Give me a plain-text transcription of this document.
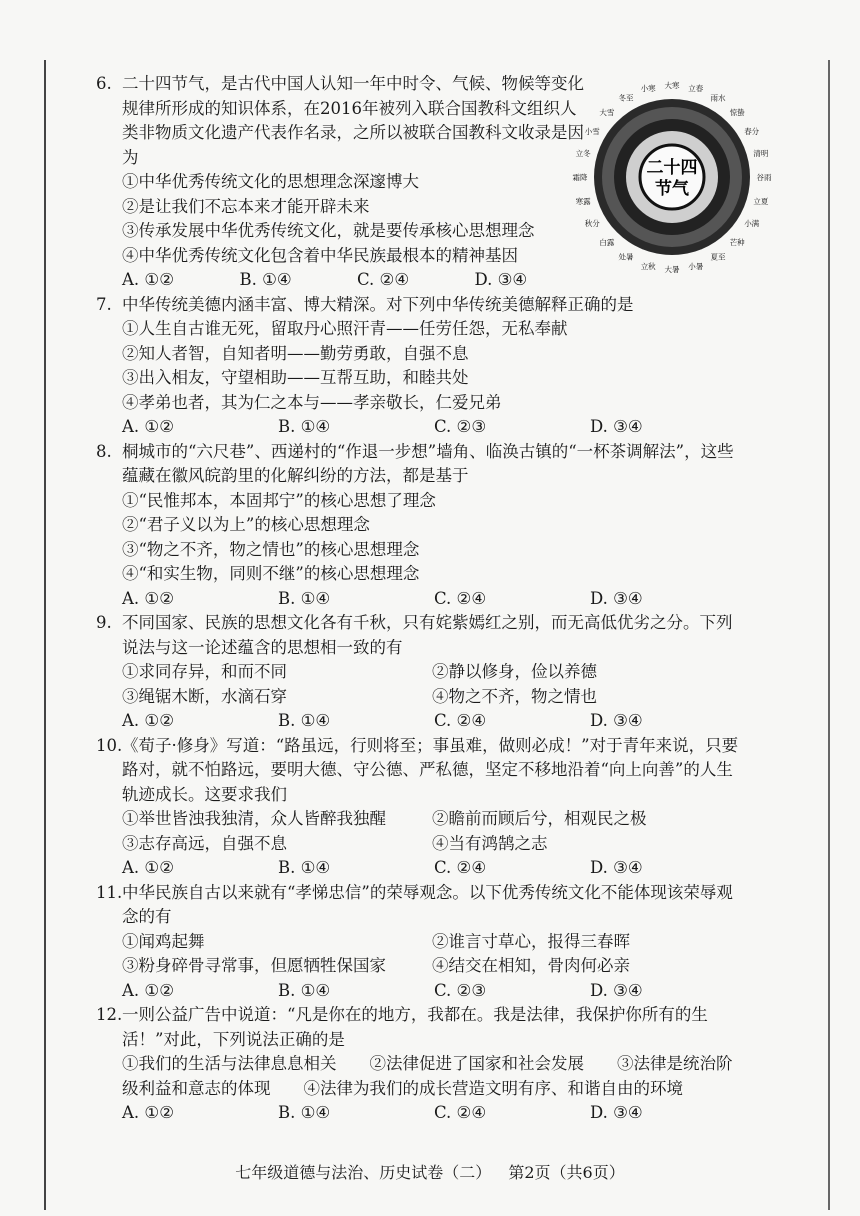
立春
雨水
惊蛰
春分
清明
谷雨
立夏
小满
芒种
夏至
小暑
大暑
立秋
处暑
白露
秋分
寒露
霜降
立冬
小雪
大雪
冬至
小寒 大寒
二十四
节气
6. 二十四节气，是古代中国人认知一年中时令、气候、物候等变化规律所形成的知识体系，在2016年被列入联合国教科文组织人类非物质文化遗产代表作名录，之所以被联合国教科文收录是因为
①中华优秀传统文化的思想理念深邃博大
②是让我们不忘本来才能开辟未来
③传承发展中华优秀传统文化，就是要传承核心思想理念
④中华优秀传统文化包含着中华民族最根本的精神基因
A. ①②	B. ①④	C. ②④	D. ③④
7. 中华传统美德内涵丰富、博大精深。对下列中华传统美德解释正确的是
①人生自古谁无死，留取丹心照汗青——任劳任怨，无私奉献
②知人者智，自知者明——勤劳勇敢，自强不息
③出入相友，守望相助——互帮互助，和睦共处
④孝弟也者，其为仁之本与——孝亲敬长，仁爱兄弟
A. ①②	B. ①④	C. ②③	D. ③④
8. 桐城市的“六尺巷”、西递村的“作退一步想”墙角、临涣古镇的“一杯茶调解法”，这些蕴藏在徽风皖韵里的化解纠纷的方法，都是基于
①“民惟邦本，本固邦宁”的核心思想了理念
②“君子义以为上”的核心思想理念
③“物之不齐，物之情也”的核心思想理念
④“和实生物，同则不继”的核心思想理念
A. ①②	B. ①④	C. ②④	D. ③④
9. 不同国家、民族的思想文化各有千秋，只有姹紫嫣红之别，而无高低优劣之分。下列说法与这一论述蕴含的思想相一致的有
①求同存异，和而不同	②静以修身，俭以养德
③绳锯木断，水滴石穿	④物之不齐，物之情也
A. ①②	B. ①④	C. ②④	D. ③④
10.《荀子·修身》写道：“路虽远，行则将至；事虽难，做则必成！”对于青年来说，只要路对，就不怕路远，要明大德、守公德、严私德，坚定不移地沿着“向上向善”的人生轨迹成长。这要求我们
①举世皆浊我独清，众人皆醉我独醒	②瞻前而顾后兮，相观民之极
③志存高远，自强不息	④当有鸿鹄之志
A. ①②	B. ①④	C. ②④	D. ③④
11.中华民族自古以来就有“孝悌忠信”的荣辱观念。以下优秀传统文化不能体现该荣辱观念的有
①闻鸡起舞	②谁言寸草心，报得三春晖
③粉身碎骨寻常事，但愿牺牲保国家	④结交在相知，骨肉何必亲
A. ①②	B. ①④	C. ②③	D. ③④
12.一则公益广告中说道：“凡是你在的地方，我都在。我是法律，我保护你所有的生活！”对此，下列说法正确的是
①我们的生活与法律息息相关　　②法律促进了国家和社会发展　　③法律是统治阶级利益和意志的体现　　④法律为我们的成长营造文明有序、和谐自由的环境
A. ①②	B. ①④	C. ②④	D. ③④
七年级道德与法治、历史试卷（二） 第2页（共6页）
